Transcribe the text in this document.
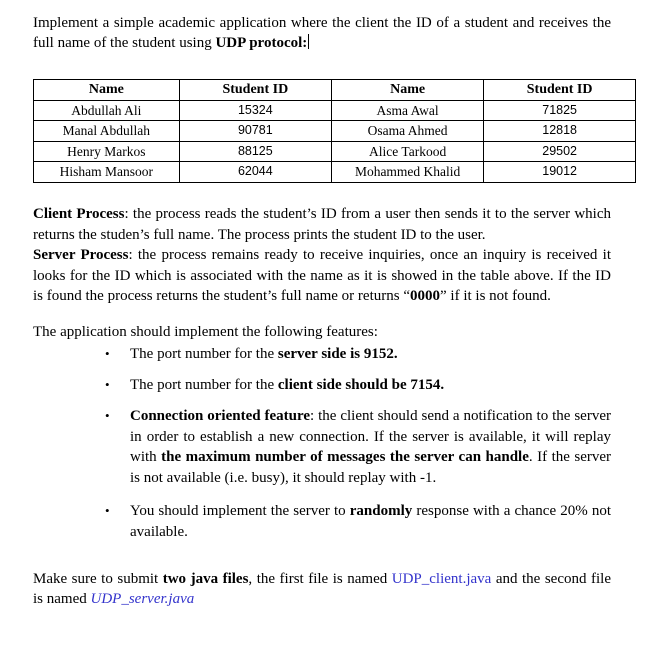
Implement a simple academic application where the client the ID of a student and receives the full name of the student using UDP protocol:
Name	Student ID	Name	Student ID
Abdullah Ali	15324	Asma Awal	71825
Manal Abdullah	90781	Osama Ahmed	12818
Henry Markos	88125	Alice Tarkood	29502
Hisham Mansoor	62044	Mohammed Khalid	19012

Client Process: the process reads the student’s ID from a user then sends it to the server which returns the studen’s full name. The process prints the student ID to the user.

Server Process: the process remains ready to receive inquiries, once an inquiry is received it looks for the ID which is associated with the name as it is showed in the table above. If the ID is found the process returns the student’s full name or returns “0000” if it is not found.

The application should implement the following features:
• The port number for the server side is 9152.
• The port number for the client side should be 7154.
• Connection oriented feature: the client should send a notification to the server in order to establish a new connection. If the server is available, it will replay with the maximum number of messages the server can handle. If the server is not available (i.e. busy), it should replay with -1.
• You should implement the server to randomly response with a chance 20% not available.
Make sure to submit two java files, the first file is named UDP_client.java and the second file is named UDP_server.java
